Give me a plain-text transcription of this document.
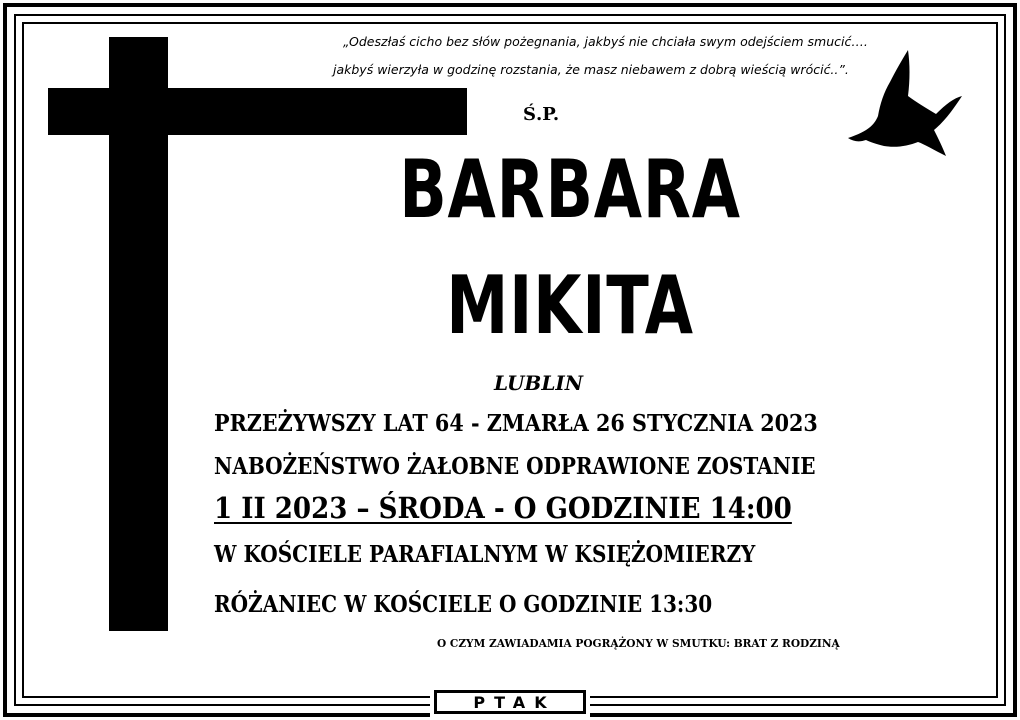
„Odeszłaś cicho bez słów pożegnania, jakbyś nie chciała swym odejściem smucić….
jakbyś wierzyła w godzinę rozstania, że masz niebawem z dobrą wieścią wrócić..”.
Ś.P.
BARBARA
MIKITA
LUBLIN
PRZEŻYWSZY LAT 64 - ZMARŁA 26 STYCZNIA 2023
NABOŻEŃSTWO ŻAŁOBNE ODPRAWIONE ZOSTANIE
1 II 2023 – ŚRODA - O GODZINIE 14:00
W KOŚCIELE PARAFIALNYM W KSIĘŻOMIERZY
RÓŻANIEC W KOŚCIELE O GODZINIE 13:30
O CZYM ZAWIADAMIA POGRĄŻONY W SMUTKU: BRAT Z RODZINĄ
PTAK
